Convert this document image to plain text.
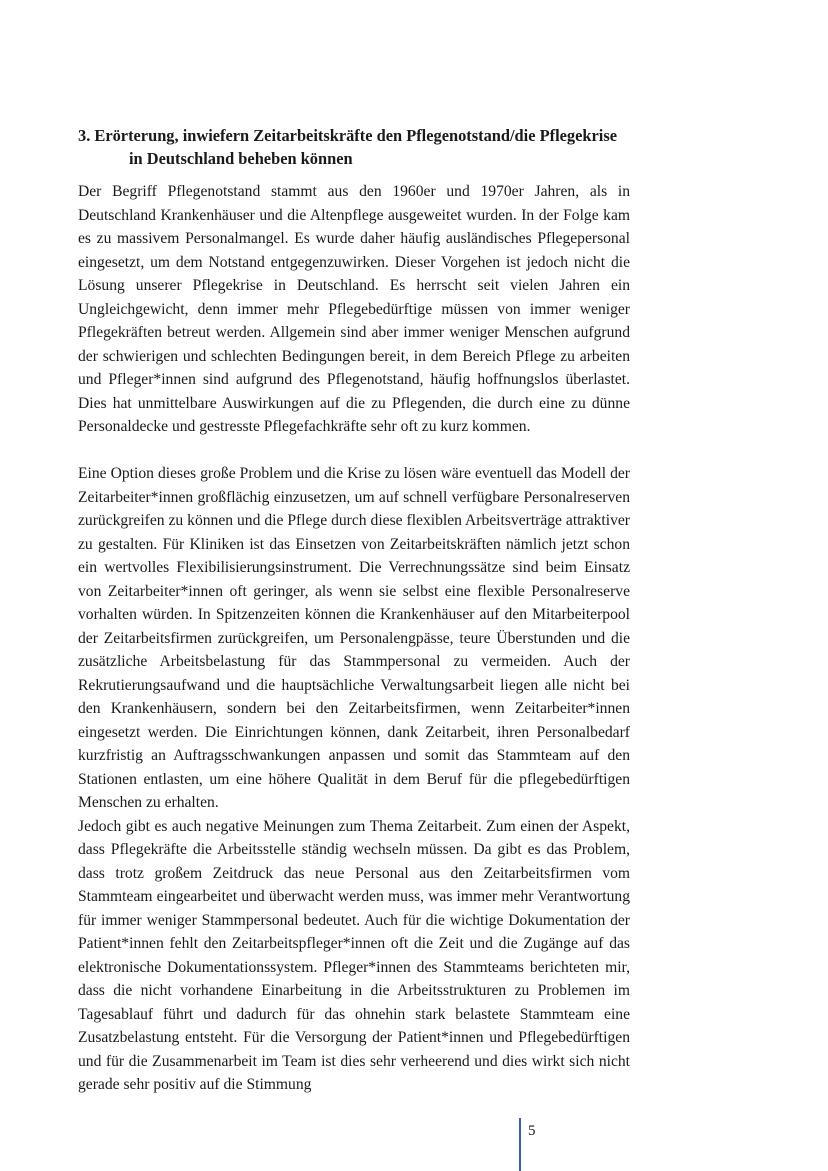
3. Erörterung, inwiefern Zeitarbeitskräfte den Pflegenotstand/die Pflegekrise
in Deutschland beheben können

Der Begriff Pflegenotstand stammt aus den 1960er und 1970er Jahren, als in Deutschland Krankenhäuser und die Altenpflege ausgeweitet wurden. In der Folge kam es zu massivem Personalmangel. Es wurde daher häufig ausländisches Pflegepersonal eingesetzt, um dem Notstand entgegenzuwirken. Dieser Vorgehen ist jedoch nicht die Lösung unserer Pflegekrise in Deutschland. Es herrscht seit vielen Jahren ein Ungleichgewicht, denn immer mehr Pflegebedürftige müssen von immer weniger Pflegekräften betreut werden. Allgemein sind aber immer weniger Menschen aufgrund der schwierigen und schlechten Bedingungen bereit, in dem Bereich Pflege zu arbeiten und Pfleger*innen sind aufgrund des Pflegenotstand, häufig hoffnungslos überlastet. Dies hat unmittelbare Auswirkungen auf die zu Pflegenden, die durch eine zu dünne Personaldecke und gestresste Pflegefachkräfte sehr oft zu kurz kommen.

Eine Option dieses große Problem und die Krise zu lösen wäre eventuell das Modell der Zeitarbeiter*innen großflächig einzusetzen, um auf schnell verfügbare Personalreserven zurückgreifen zu können und die Pflege durch diese flexiblen Arbeitsverträge attraktiver zu gestalten. Für Kliniken ist das Einsetzen von Zeitarbeitskräften nämlich jetzt schon ein wertvolles Flexibilisierungsinstrument. Die Verrechnungssätze sind beim Einsatz von Zeitarbeiter*innen oft geringer, als wenn sie selbst eine flexible Personalreserve vorhalten würden. In Spitzenzeiten können die Krankenhäuser auf den Mitarbeiterpool der Zeitarbeitsfirmen zurückgreifen, um Personalengpässe, teure Überstunden und die zusätzliche Arbeitsbelastung für das Stammpersonal zu vermeiden. Auch der Rekrutierungsaufwand und die hauptsächliche Verwaltungsarbeit liegen alle nicht bei den Krankenhäusern, sondern bei den Zeitarbeitsfirmen, wenn Zeitarbeiter*innen eingesetzt werden. Die Einrichtungen können, dank Zeitarbeit, ihren Personalbedarf kurzfristig an Auftragsschwankungen anpassen und somit das Stammteam auf den Stationen entlasten, um eine höhere Qualität in dem Beruf für die pflegebedürftigen Menschen zu erhalten.

Jedoch gibt es auch negative Meinungen zum Thema Zeitarbeit. Zum einen der Aspekt, dass Pflegekräfte die Arbeitsstelle ständig wechseln müssen. Da gibt es das Problem, dass trotz großem Zeitdruck das neue Personal aus den Zeitarbeitsfirmen vom Stammteam eingearbeitet und überwacht werden muss, was immer mehr Verantwortung für immer weniger Stammpersonal bedeutet. Auch für die wichtige Dokumentation der Patient*innen fehlt den Zeitarbeitspfleger*innen oft die Zeit und die Zugänge auf das elektronische Dokumentationssystem. Pfleger*innen des Stammteams berichteten mir, dass die nicht vorhandene Einarbeitung in die Arbeitsstrukturen zu Problemen im Tagesablauf führt und dadurch für das ohnehin stark belastete Stammteam eine Zusatzbelastung entsteht. Für die Versorgung der Patient*innen und Pflegebedürftigen und für die Zusammenarbeit im Team ist dies sehr verheerend und dies wirkt sich nicht gerade sehr positiv auf die Stimmung

5
